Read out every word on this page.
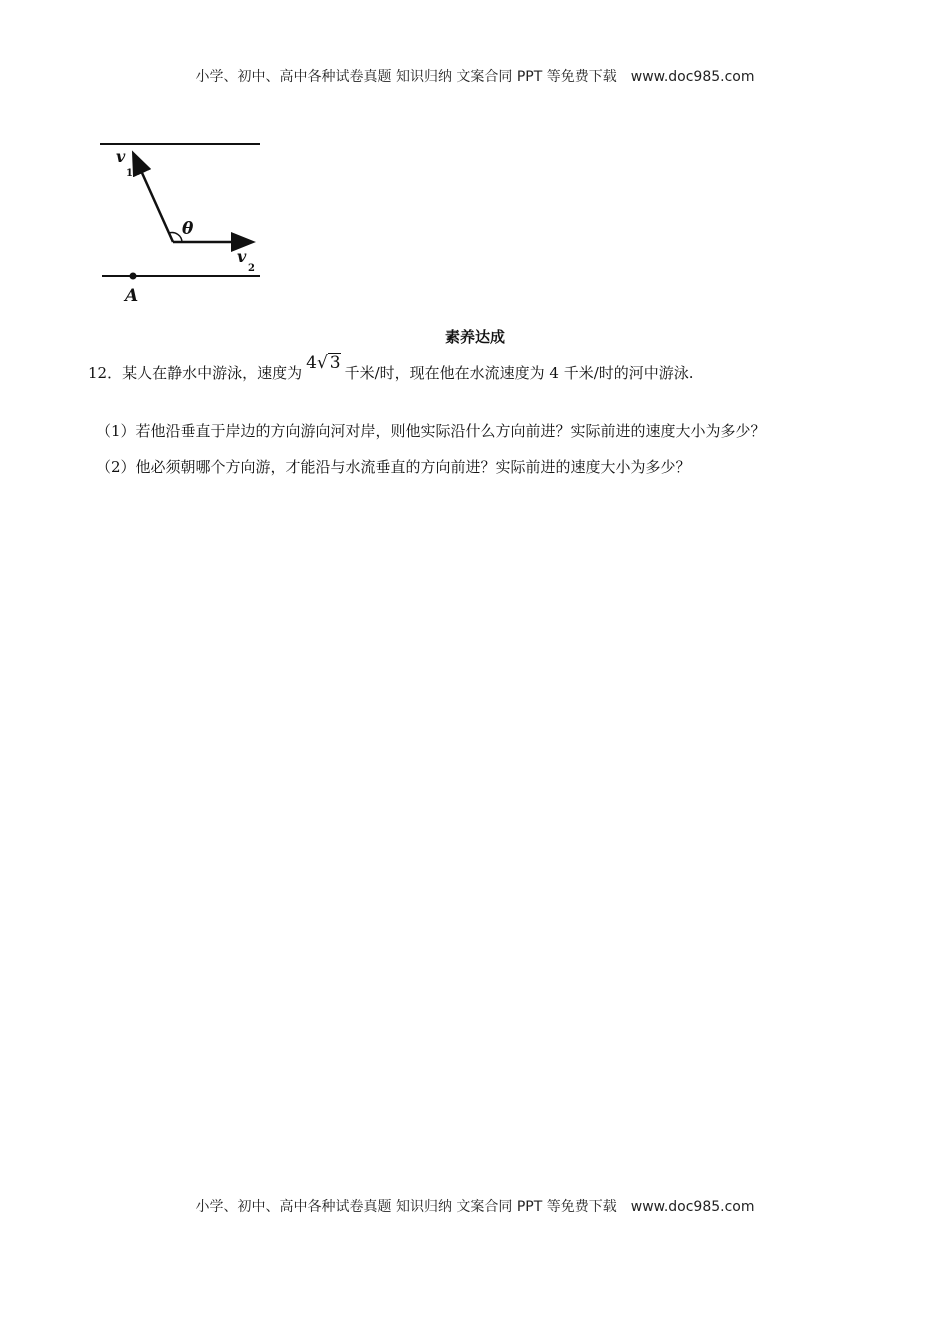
小学、初中、高中各种试卷真题 知识归纳 文案合同 PPT 等免费下载 www.doc985.com
v
1
θ
v
2
A
素养达成
12．某人在静水中游泳，速度为 4√ 3 千米/时，现在他在水流速度为 4 千米/时的河中游泳.
（1）若他沿垂直于岸边的方向游向河对岸，则他实际沿什么方向前进？实际前进的速度大小为多少？
（2）他必须朝哪个方向游，才能沿与水流垂直的方向前进？实际前进的速度大小为多少？
小学、初中、高中各种试卷真题 知识归纳 文案合同 PPT 等免费下载 www.doc985.com
